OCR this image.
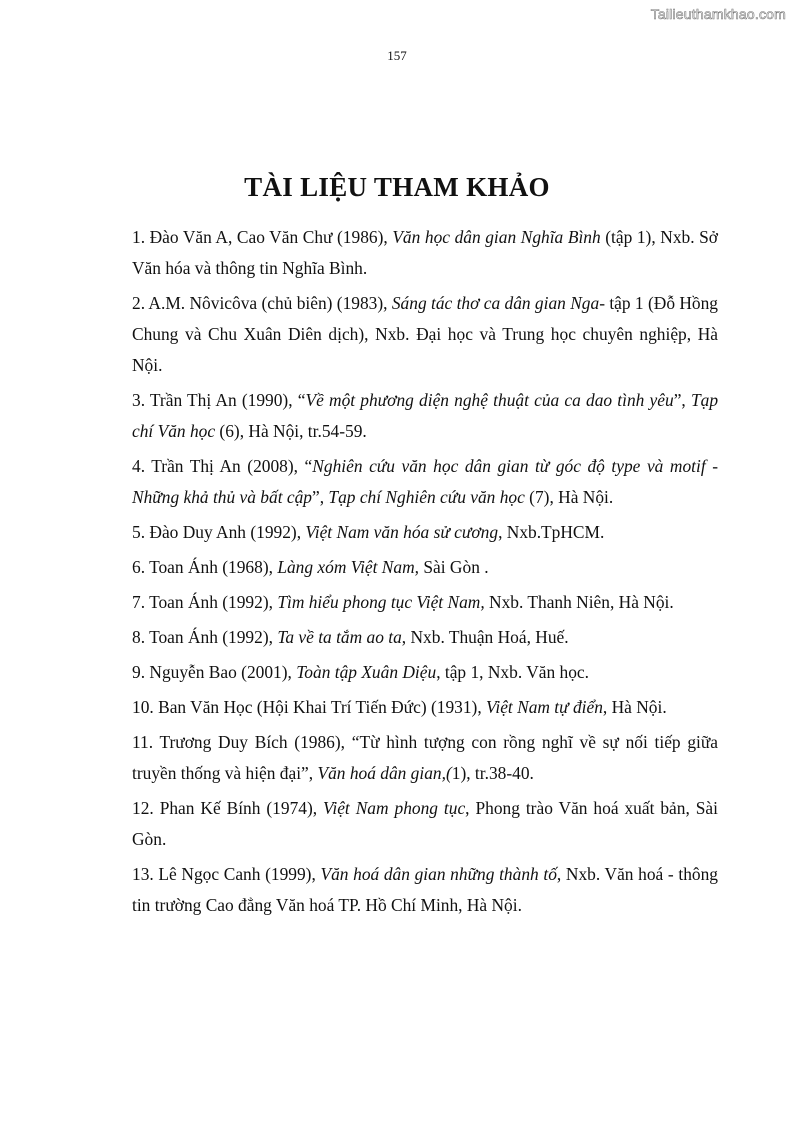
Tailieuthamkhao.com
157
TÀI LIỆU THAM KHẢO
1. Đào Văn A, Cao Văn Chư (1986), Văn học dân gian Nghĩa Bình (tập 1), Nxb. Sở Văn hóa và thông tin Nghĩa Bình.
2. A.M. Nôvicôva (chủ biên) (1983), Sáng tác thơ ca dân gian Nga- tập 1 (Đỗ Hồng Chung và Chu Xuân Diên dịch), Nxb. Đại học và Trung học chuyên nghiệp, Hà Nội.
3. Trần Thị An (1990), “Về một phương diện nghệ thuật của ca dao tình yêu”, Tạp chí Văn học (6), Hà Nội, tr.54-59.
4. Trần Thị An (2008), “Nghiên cứu văn học dân gian từ góc độ type và motif - Những khả thủ và bất cập”, Tạp chí Nghiên cứu văn học (7), Hà Nội.
5. Đào Duy Anh (1992), Việt Nam văn hóa sử cương, Nxb.TpHCM.
6. Toan Ánh (1968), Làng xóm Việt Nam, Sài Gòn .
7. Toan Ánh (1992), Tìm hiểu phong tục Việt Nam, Nxb. Thanh Niên, Hà Nội.
8. Toan Ánh (1992), Ta về ta tắm ao ta, Nxb. Thuận Hoá, Huế.
9. Nguyễn Bao (2001), Toàn tập Xuân Diệu, tập 1, Nxb. Văn học.
10. Ban Văn Học (Hội Khai Trí Tiến Đức) (1931), Việt Nam tự điển, Hà Nội.
11. Trương Duy Bích (1986), “Từ hình tượng con rồng nghĩ về sự nối tiếp giữa truyền thống và hiện đại”, Văn hoá dân gian,(1), tr.38-40.
12. Phan Kế Bính (1974), Việt Nam phong tục, Phong trào Văn hoá xuất bản, Sài Gòn.
13. Lê Ngọc Canh (1999), Văn hoá dân gian những thành tố, Nxb. Văn hoá - thông tin trường Cao đẳng Văn hoá TP. Hồ Chí Minh, Hà Nội.
